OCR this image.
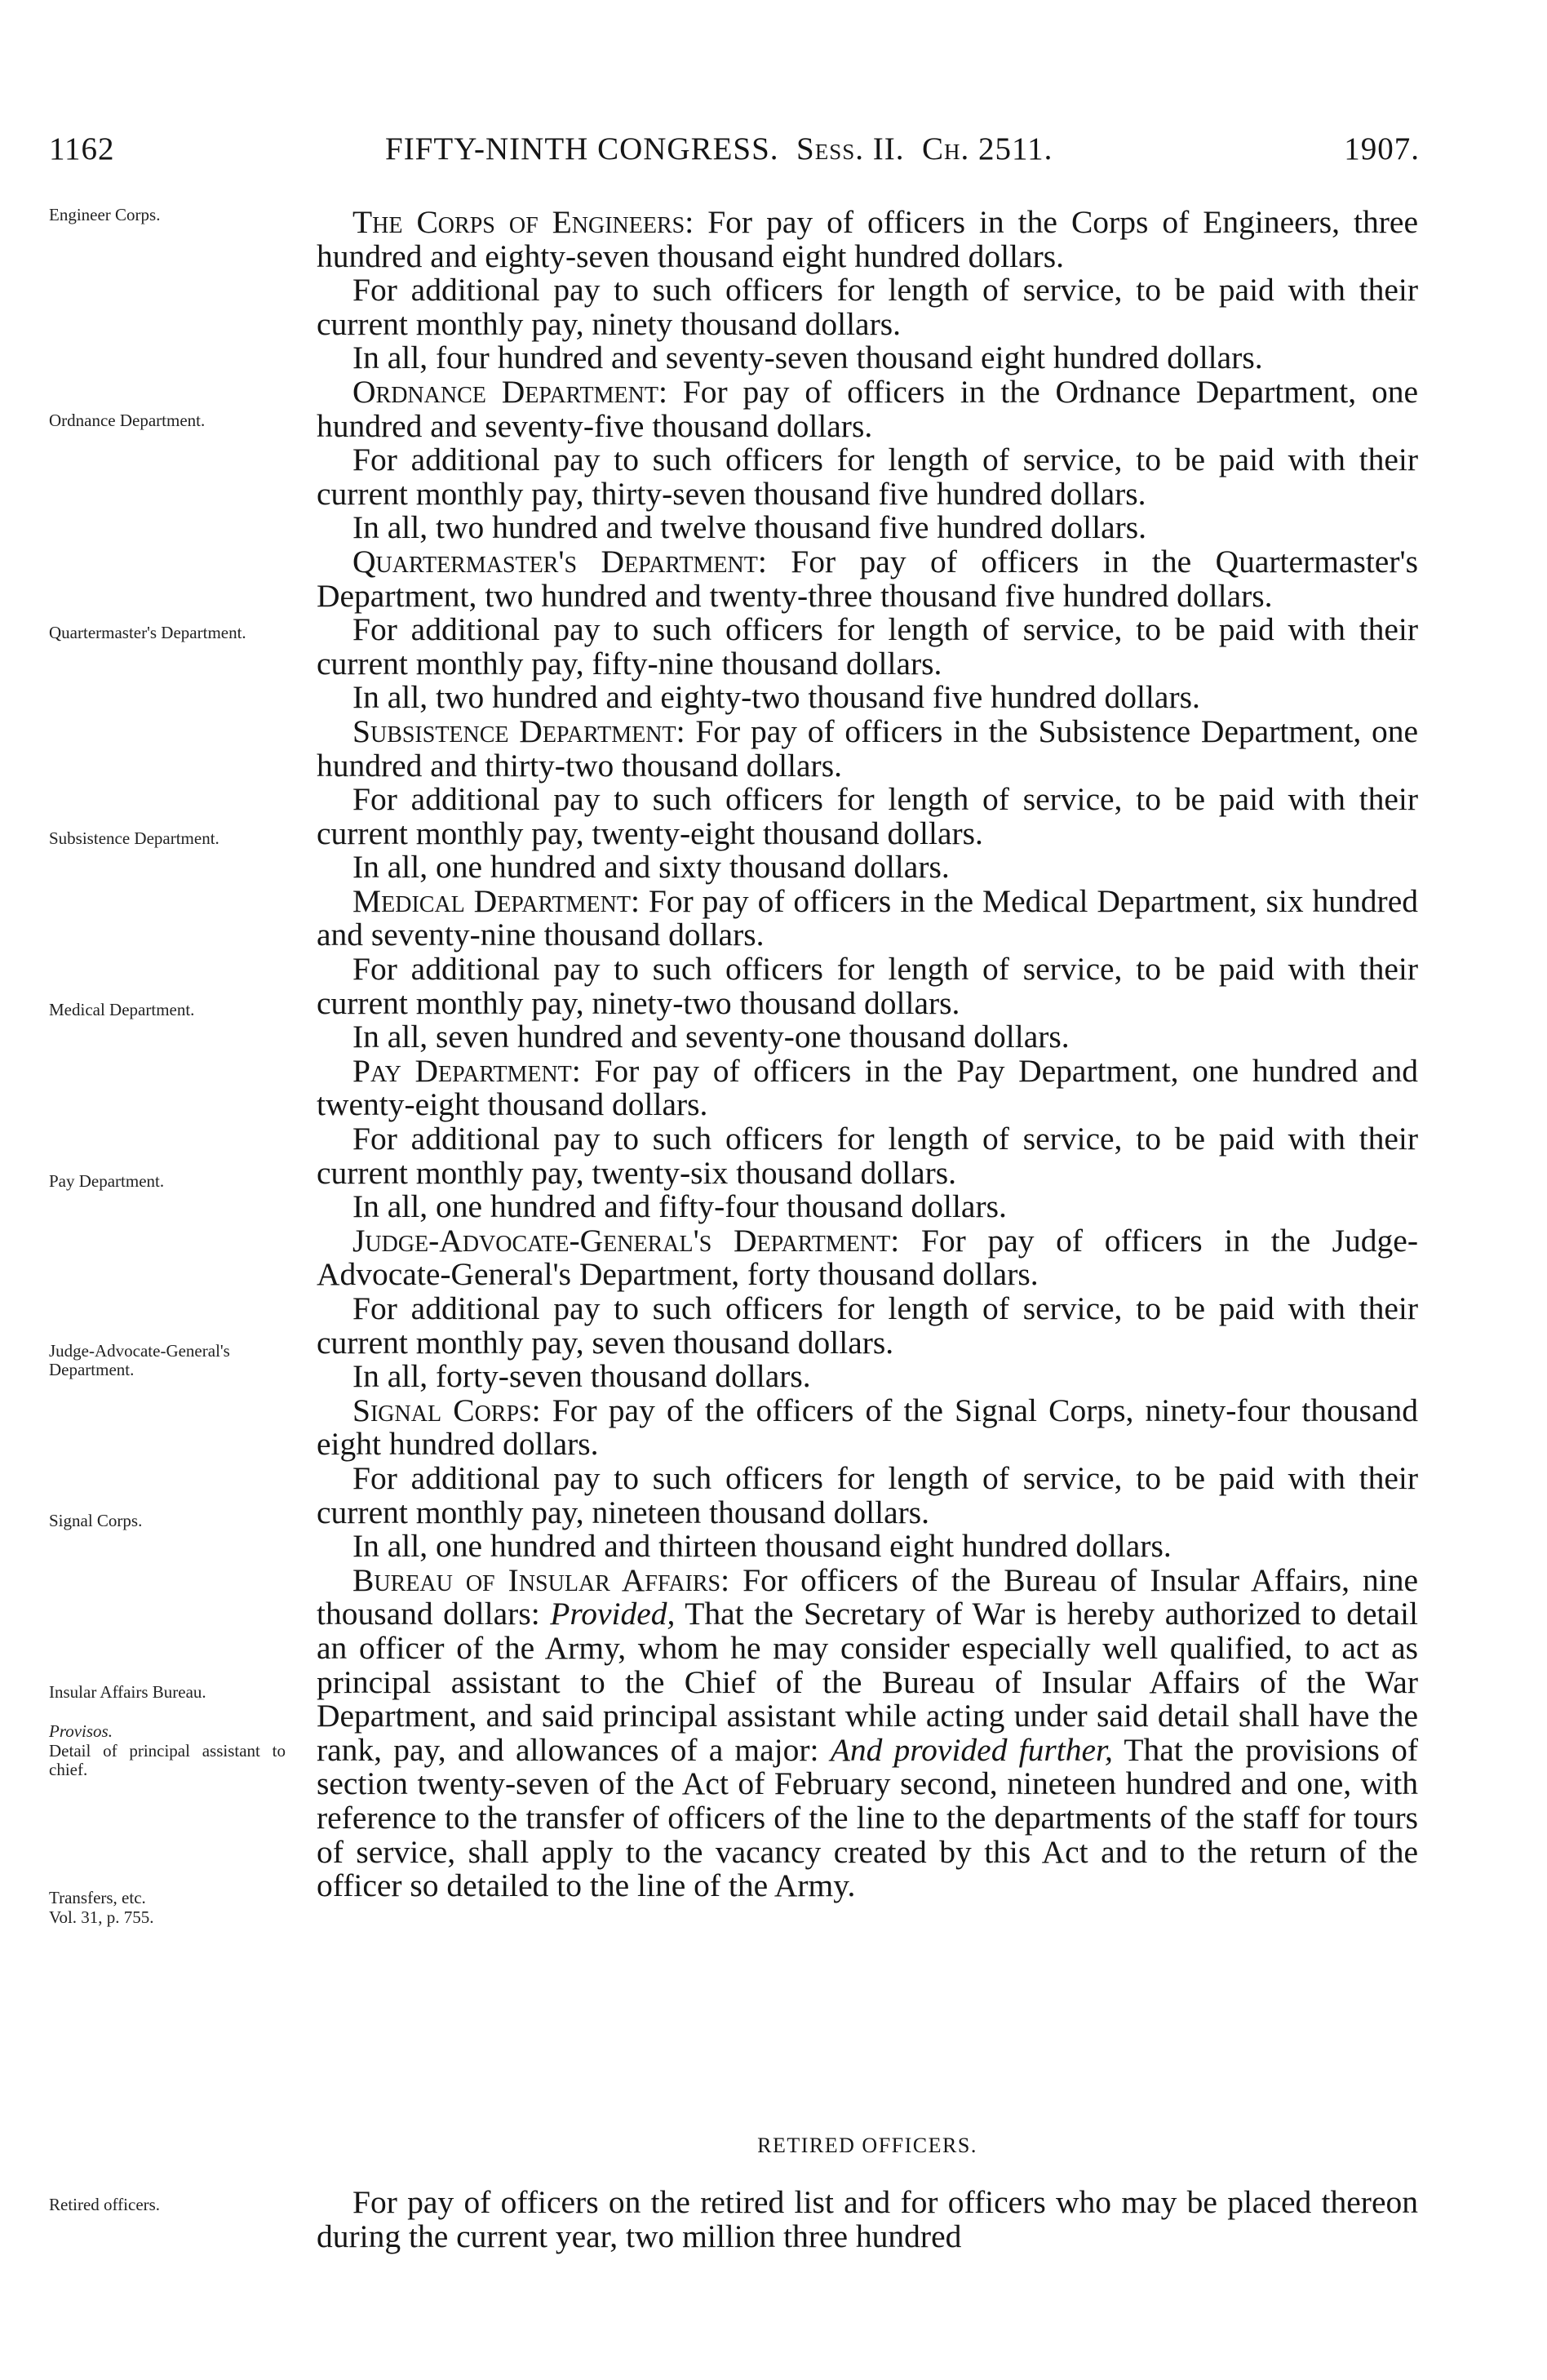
1162	FIFTY-NINTH CONGRESS. Sess. II. Ch. 2511.	1907.
Engineer Corps.
Ordnance Department.
Quartermaster's Department.
Subsistence Department.
Medical Department.
Pay Department.
Judge-Advocate-General's Department.
Signal Corps.
Insular Affairs Bureau.
Provisos.
Detail of principal assistant to chief.
Transfers, etc.
Vol. 31, p. 755.
Retired officers.

The Corps of Engineers: For pay of officers in the Corps of Engineers, three hundred and eighty-seven thousand eight hundred dollars.

For additional pay to such officers for length of service, to be paid with their current monthly pay, ninety thousand dollars.

In all, four hundred and seventy-seven thousand eight hundred dollars.

Ordnance Department: For pay of officers in the Ordnance Department, one hundred and seventy-five thousand dollars.

For additional pay to such officers for length of service, to be paid with their current monthly pay, thirty-seven thousand five hundred dollars.

In all, two hundred and twelve thousand five hundred dollars.

Quartermaster's Department: For pay of officers in the Quartermaster's Department, two hundred and twenty-three thousand five hundred dollars.

For additional pay to such officers for length of service, to be paid with their current monthly pay, fifty-nine thousand dollars.

In all, two hundred and eighty-two thousand five hundred dollars.

Subsistence Department: For pay of officers in the Subsistence Department, one hundred and thirty-two thousand dollars.

For additional pay to such officers for length of service, to be paid with their current monthly pay, twenty-eight thousand dollars.

In all, one hundred and sixty thousand dollars.

Medical Department: For pay of officers in the Medical Department, six hundred and seventy-nine thousand dollars.

For additional pay to such officers for length of service, to be paid with their current monthly pay, ninety-two thousand dollars.

In all, seven hundred and seventy-one thousand dollars.

Pay Department: For pay of officers in the Pay Department, one hundred and twenty-eight thousand dollars.

For additional pay to such officers for length of service, to be paid with their current monthly pay, twenty-six thousand dollars.

In all, one hundred and fifty-four thousand dollars.

Judge-Advocate-General's Department: For pay of officers in the Judge-Advocate-General's Department, forty thousand dollars.

For additional pay to such officers for length of service, to be paid with their current monthly pay, seven thousand dollars.

In all, forty-seven thousand dollars.

Signal Corps: For pay of the officers of the Signal Corps, ninety-four thousand eight hundred dollars.

For additional pay to such officers for length of service, to be paid with their current monthly pay, nineteen thousand dollars.

In all, one hundred and thirteen thousand eight hundred dollars.

Bureau of Insular Affairs: For officers of the Bureau of Insular Affairs, nine thousand dollars: Provided, That the Secretary of War is hereby authorized to detail an officer of the Army, whom he may consider especially well qualified, to act as principal assistant to the Chief of the Bureau of Insular Affairs of the War Department, and said principal assistant while acting under said detail shall have the rank, pay, and allowances of a major: And provided further, That the provisions of section twenty-seven of the Act of February second, nineteen hundred and one, with reference to the transfer of officers of the line to the departments of the staff for tours of service, shall apply to the vacancy created by this Act and to the return of the officer so detailed to the line of the Army.

RETIRED OFFICERS.

For pay of officers on the retired list and for officers who may be placed thereon during the current year, two million three hundred
